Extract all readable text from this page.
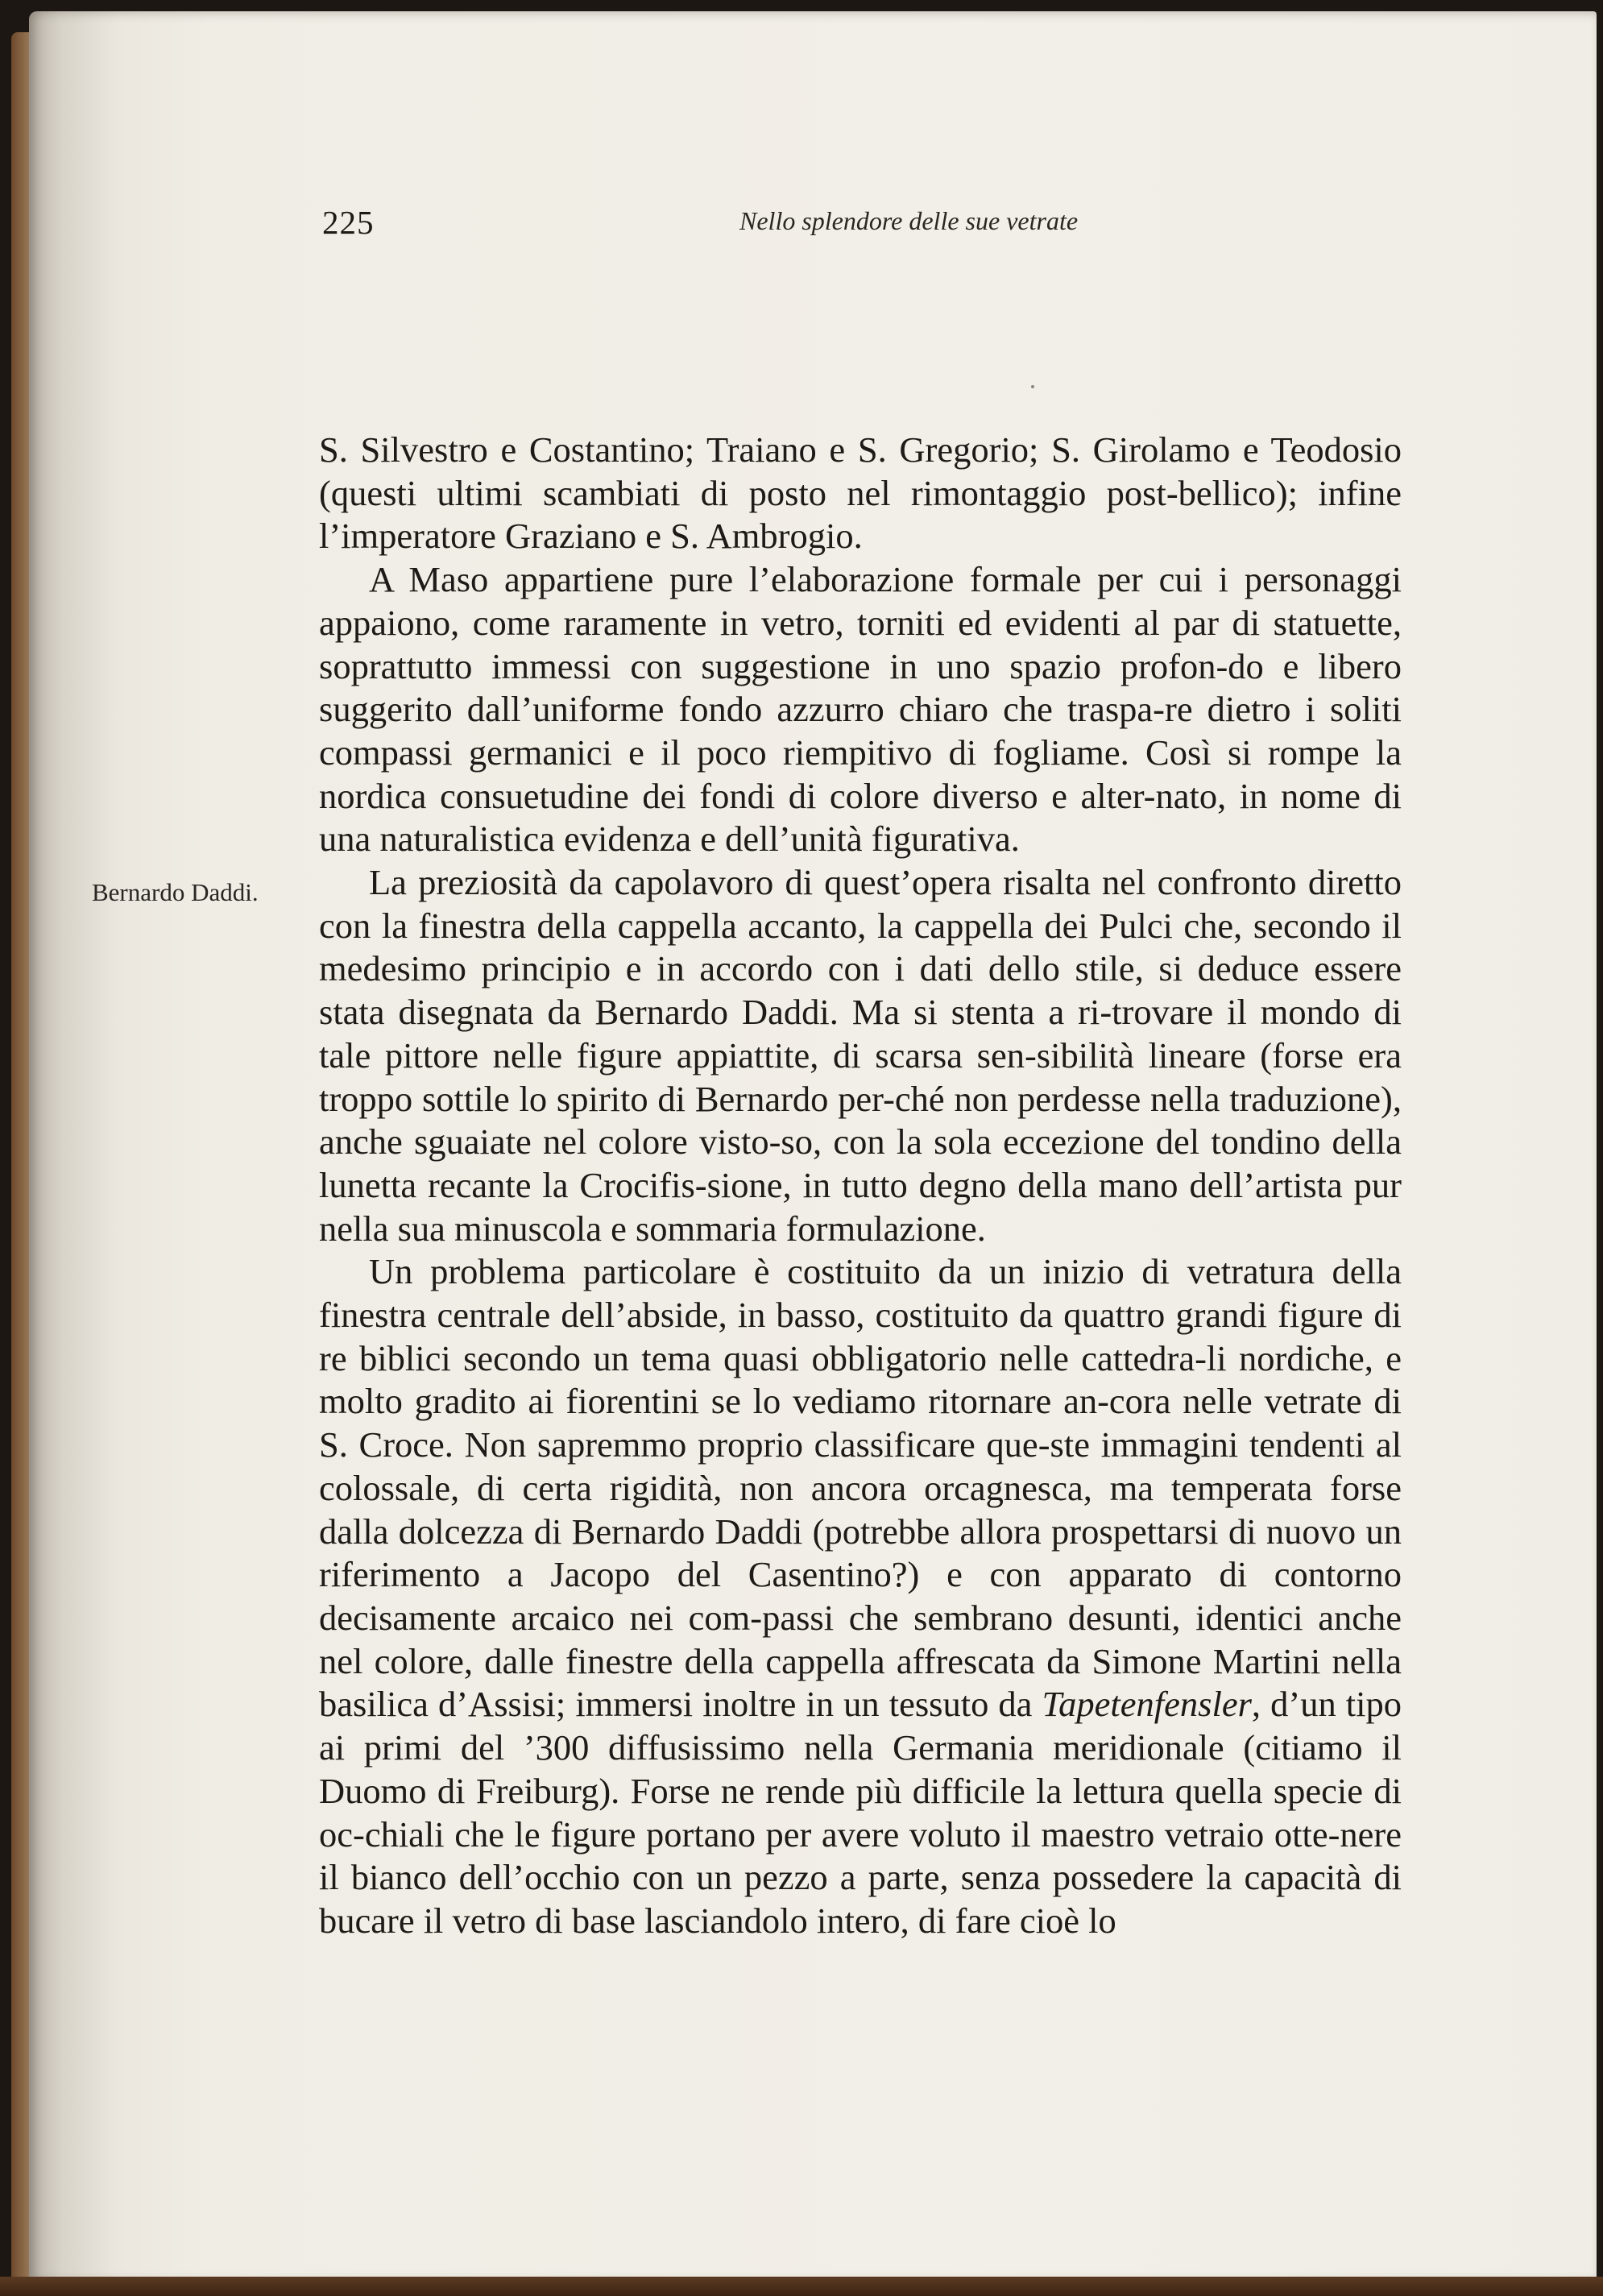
225	Nello splendore delle sue vetrate
Bernardo Daddi.

S. Silvestro e Costantino; Traiano e S. Gregorio; S. Girolamo e Teodosio (questi ultimi scambiati di posto nel rimontaggio post-bellico); infine l’imperatore Graziano e S. Ambrogio.

A Maso appartiene pure l’elaborazione formale per cui i personaggi appaiono, come raramente in vetro, torniti ed evidenti al par di statuette, soprattutto immessi con suggestione in uno spazio profon-do e libero suggerito dall’uniforme fondo azzurro chiaro che traspa-re dietro i soliti compassi germanici e il poco riempitivo di fogliame. Così si rompe la nordica consuetudine dei fondi di colore diverso e alter-nato, in nome di una naturalistica evidenza e dell’unità figurativa.

La preziosità da capolavoro di quest’opera risalta nel confronto diretto con la finestra della cappella accanto, la cappella dei Pulci che, secondo il medesimo principio e in accordo con i dati dello stile, si deduce essere stata disegnata da Bernardo Daddi. Ma si stenta a ri-trovare il mondo di tale pittore nelle figure appiattite, di scarsa sen-sibilità lineare (forse era troppo sottile lo spirito di Bernardo per-ché non perdesse nella traduzione), anche sguaiate nel colore visto-so, con la sola eccezione del tondino della lunetta recante la Crocifis-sione, in tutto degno della mano dell’artista pur nella sua minuscola e sommaria formulazione.

Un problema particolare è costituito da un inizio di vetratura della finestra centrale dell’abside, in basso, costituito da quattro grandi figure di re biblici secondo un tema quasi obbligatorio nelle cattedra-li nordiche, e molto gradito ai fiorentini se lo vediamo ritornare an-cora nelle vetrate di S. Croce. Non sapremmo proprio classificare que-ste immagini tendenti al colossale, di certa rigidità, non ancora orcagnesca, ma temperata forse dalla dolcezza di Bernardo Daddi (potrebbe allora prospettarsi di nuovo un riferimento a Jacopo del Casentino?) e con apparato di contorno decisamente arcaico nei com-passi che sembrano desunti, identici anche nel colore, dalle finestre della cappella affrescata da Simone Martini nella basilica d’Assisi; immersi inoltre in un tessuto da Tapetenfensler, d’un tipo ai primi del ’300 diffusissimo nella Germania meridionale (citiamo il Duomo di Freiburg). Forse ne rende più difficile la lettura quella specie di oc-chiali che le figure portano per avere voluto il maestro vetraio otte-nere il bianco dell’occhio con un pezzo a parte, senza possedere la capacità di bucare il vetro di base lasciandolo intero, di fare cioè lo
